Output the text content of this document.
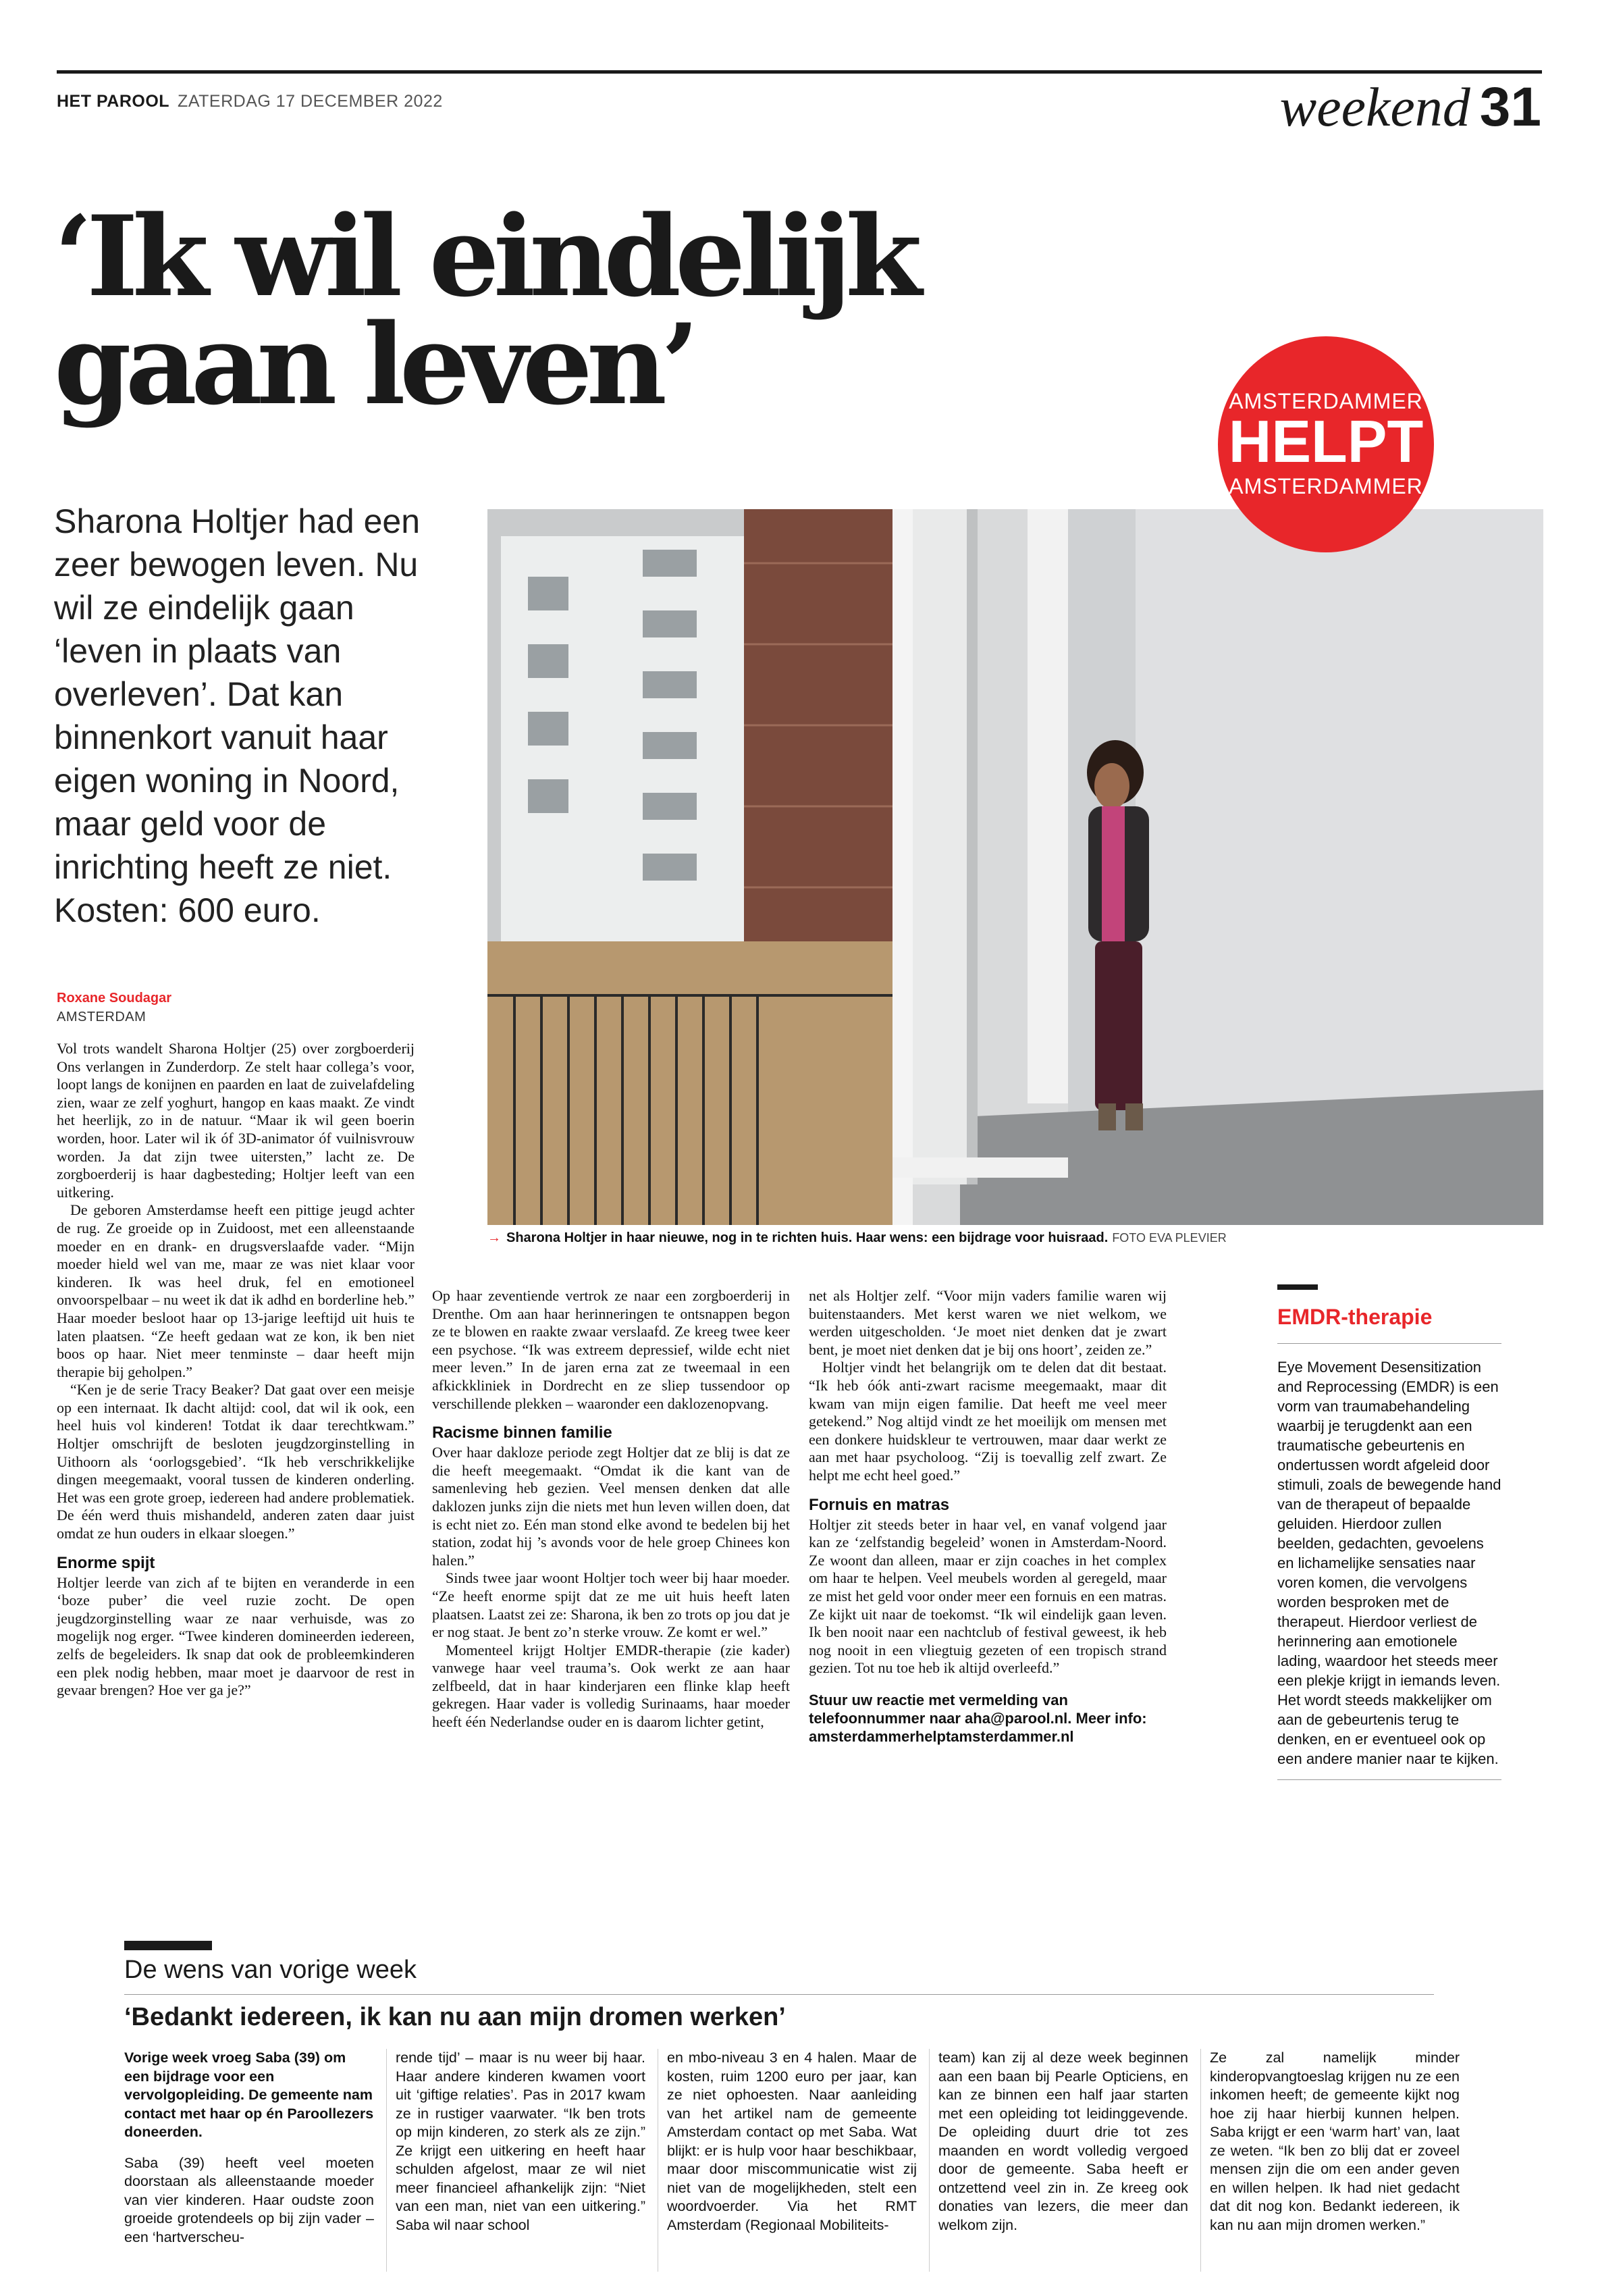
HET PAROOL ZATERDAG 17 DECEMBER 2022	weekend 31
‘Ik wil eindelijk
gaan leven’
Sharona Holtjer had een zeer bewogen leven. Nu wil ze eindelijk gaan ‘leven in plaats van overleven’. Dat kan binnenkort vanuit haar eigen woning in Noord, maar geld voor de inrichting heeft ze niet. Kosten: 600 euro.
Roxane Soudagar
AMSTERDAM
→ Sharona Holtjer in haar nieuwe, nog in te richten huis. Haar wens: een bijdrage voor huisraad. FOTO EVA PLEVIER
AMSTERDAMMER
HELPT
AMSTERDAMMER

Vol trots wandelt Sharona Holtjer (25) over zorgboerderij Ons verlangen in Zunderdorp. Ze stelt haar collega’s voor, loopt langs de konijnen en paarden en laat de zuivelafdeling zien, waar ze zelf yoghurt, hangop en kaas maakt. Ze vindt het heerlijk, zo in de natuur. “Maar ik wil geen boerin worden, hoor. Later wil ik óf 3D-animator óf vuilnisvrouw worden. Ja dat zijn twee uitersten,” lacht ze. De zorgboerderij is haar dagbesteding; Holtjer leeft van een uitkering.

De geboren Amsterdamse heeft een pittige jeugd achter de rug. Ze groeide op in Zuidoost, met een alleenstaande moeder en en drank- en drugsverslaafde vader. “Mijn moeder hield wel van me, maar ze was niet klaar voor kinderen. Ik was heel druk, fel en emotioneel onvoorspelbaar – nu weet ik dat ik adhd en borderline heb.” Haar moeder besloot haar op 13-jarige leeftijd uit huis te laten plaatsen. “Ze heeft gedaan wat ze kon, ik ben niet boos op haar. Niet meer tenminste – daar heeft mijn therapie bij geholpen.”

“Ken je de serie Tracy Beaker? Dat gaat over een meisje op een internaat. Ik dacht altijd: cool, dat wil ik ook, een heel huis vol kinderen! Totdat ik daar terechtkwam.” Holtjer omschrijft de besloten jeugdzorginstelling in Uithoorn als ‘oorlogsgebied’. “Ik heb verschrikkelijke dingen meegemaakt, vooral tussen de kinderen onderling. Het was een grote groep, iedereen had andere problematiek. De één werd thuis mishandeld, anderen zaten daar juist omdat ze hun ouders in elkaar sloegen.”

Enorme spijt

Holtjer leerde van zich af te bijten en veranderde in een ‘boze puber’ die veel ruzie zocht. De open jeugdzorginstelling waar ze naar verhuisde, was zo mogelijk nog erger. “Twee kinderen domineerden iedereen, zelfs de begeleiders. Ik snap dat ook de probleemkinderen een plek nodig hebben, maar moet je daarvoor de rest in gevaar brengen? Hoe ver ga je?”

Op haar zeventiende vertrok ze naar een zorgboerderij in Drenthe. Om aan haar herinneringen te ontsnappen begon ze te blowen en raakte zwaar verslaafd. Ze kreeg twee keer een psychose. “Ik was extreem depressief, wilde echt niet meer leven.” In de jaren erna zat ze tweemaal in een afkickkliniek in Dordrecht en ze sliep tussendoor op verschillende plekken – waaronder een daklozenopvang.

Racisme binnen familie

Over haar dakloze periode zegt Holtjer dat ze blij is dat ze die heeft meegemaakt. “Omdat ik die kant van de samenleving heb gezien. Veel mensen denken dat alle daklozen junks zijn die niets met hun leven willen doen, dat is echt niet zo. Eén man stond elke avond te bedelen bij het station, zodat hij ’s avonds voor de hele groep Chinees kon halen.”

Sinds twee jaar woont Holtjer toch weer bij haar moeder. “Ze heeft enorme spijt dat ze me uit huis heeft laten plaatsen. Laatst zei ze: Sharona, ik ben zo trots op jou dat je er nog staat. Je bent zo’n sterke vrouw. Ze komt er wel.”

Momenteel krijgt Holtjer EMDR-therapie (zie kader) vanwege haar veel trauma’s. Ook werkt ze aan haar zelfbeeld, dat in haar kinderjaren een flinke klap heeft gekregen. Haar vader is volledig Surinaams, haar moeder heeft één Nederlandse ouder en is daarom lichter getint,

net als Holtjer zelf. “Voor mijn vaders familie waren wij buitenstaanders. Met kerst waren we niet welkom, we werden uitgescholden. ‘Je moet niet denken dat je zwart bent, je moet niet denken dat je bij ons hoort’, zeiden ze.”

Holtjer vindt het belangrijk om te delen dat dit bestaat. “Ik heb óók anti-zwart racisme meegemaakt, maar dit kwam van mijn eigen familie. Dat heeft me veel meer getekend.” Nog altijd vindt ze het moeilijk om mensen met een donkere huidskleur te vertrouwen, maar daar werkt ze aan met haar psycholoog. “Zij is toevallig zelf zwart. Ze helpt me echt heel goed.”

Fornuis en matras

Holtjer zit steeds beter in haar vel, en vanaf volgend jaar kan ze ‘zelfstandig begeleid’ wonen in Amsterdam-Noord. Ze woont dan alleen, maar er zijn coaches in het complex om haar te helpen. Veel meubels worden al geregeld, maar ze mist het geld voor onder meer een fornuis en een matras. Ze kijkt uit naar de toekomst. “Ik wil eindelijk gaan leven. Ik ben nooit naar een nachtclub of festival geweest, ik heb nog nooit in een vliegtuig gezeten of een tropisch strand gezien. Tot nu toe heb ik altijd overleefd.”

Stuur uw reactie met vermelding van telefoonnummer naar aha@parool.nl. Meer info: amsterdammerhelptamsterdammer.nl
EMDR-therapie

Eye Movement Desensitization and Reprocessing (EMDR) is een vorm van traumabehandeling waarbij je terugdenkt aan een traumatische gebeurtenis en ondertussen wordt afgeleid door stimuli, zoals de bewegende hand van de therapeut of bepaalde geluiden. Hierdoor zullen beelden, gedachten, gevoelens en lichamelijke sensaties naar voren komen, die vervolgens worden besproken met de therapeut. Hierdoor verliest de herinnering aan emotionele lading, waardoor het steeds meer een plekje krijgt in iemands leven. Het wordt steeds makkelijker om aan de gebeurtenis terug te denken, en er eventueel ook op een andere manier naar te kijken.

De wens van vorige week
‘Bedankt iedereen, ik kan nu aan mijn dromen werken’

Vorige week vroeg Saba (39) om een bijdrage voor een vervolgopleiding. De gemeente nam contact met haar op én Paroollezers doneerden.

Saba (39) heeft veel moeten doorstaan als alleenstaande moeder van vier kinderen. Haar oudste zoon groeide grotendeels op bij zijn vader – een ‘hartverscheu-

rende tijd’ – maar is nu weer bij haar. Haar andere kinderen kwamen voort uit ‘giftige relaties’. Pas in 2017 kwam ze in rustiger vaarwater. “Ik ben trots op mijn kinderen, zo sterk als ze zijn.” Ze krijgt een uitkering en heeft haar schulden afgelost, maar ze wil niet meer financieel afhankelijk zijn: “Niet van een man, niet van een uitkering.” Saba wil naar school

en mbo-niveau 3 en 4 halen. Maar de kosten, ruim 1200 euro per jaar, kan ze niet ophoesten. Naar aanleiding van het artikel nam de gemeente Amsterdam contact op met Saba. Wat blijkt: er is hulp voor haar beschikbaar, maar door miscommunicatie wist zij niet van de mogelijkheden, stelt een woordvoerder. Via het RMT Amsterdam (Regionaal Mobiliteits-

team) kan zij al deze week beginnen aan een baan bij Pearle Opticiens, en kan ze binnen een half jaar starten met een opleiding tot leidinggevende. De opleiding duurt drie tot zes maanden en wordt volledig vergoed door de gemeente. Saba heeft er ontzettend veel zin in. Ze kreeg ook donaties van lezers, die meer dan welkom zijn.

Ze zal namelijk minder kinderopvangtoeslag krijgen nu ze een inkomen heeft; de gemeente kijkt nog hoe zij haar hierbij kunnen helpen. Saba krijgt er een ‘warm hart’ van, laat ze weten. “Ik ben zo blij dat er zoveel mensen zijn die om een ander geven en willen helpen. Ik had niet gedacht dat dit nog kon. Bedankt iedereen, ik kan nu aan mijn dromen werken.”
